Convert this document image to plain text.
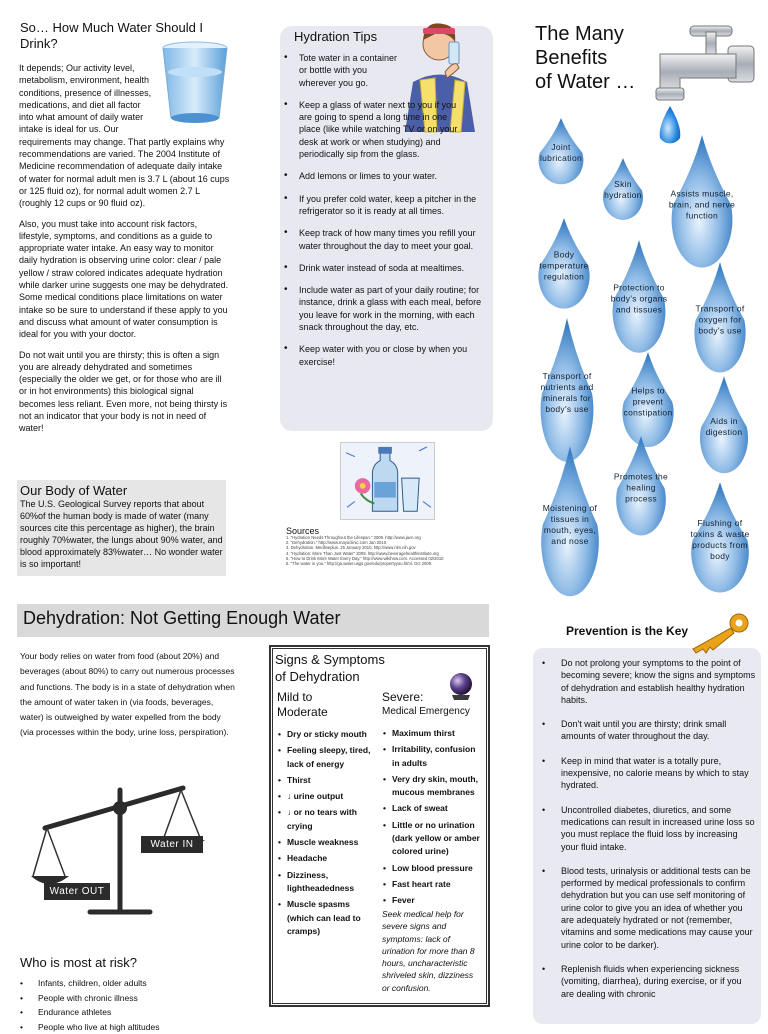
So… How Much Water Should I Drink?

It depends; Our activity level, metabolism, environment, health conditions, presence of illnesses, medications, and diet all factor into what amount of daily water intake is ideal for us. Our requirements may change. That partly explains why recommendations are varied. The 2004 Institute of Medicine recommendation of adequate daily intake of water for normal adult men is 3.7 L (about 16 cups or 125 fluid oz), for normal adult women 2.7 L (roughly 12 cups or 90 fluid oz).

Also, you must take into account risk factors, lifestyle, symptoms, and conditions as a guide to appropriate water intake. An easy way to monitor daily hydration is observing urine color: clear / pale yellow / straw colored indicates adequate hydration while darker urine suggests one may be dehydrated. Some medical conditions place limitations on water intake so be sure to understand if these apply to you and discuss what amount of water consumption is ideal for you with your doctor.

Do not wait until you are thirsty; this is often a sign you are already dehydrated and sometimes (especially the older we get, or for those who are ill or in hot environments) this biological signal becomes less reliant. Even more, not being thirsty is not an indicator that your body is not in need of water!

Our Body of Water

The U.S. Geological Survey reports that about 60%of the human body is made of water (many sources cite this percentage as higher), the brain roughly 70%water, the lungs about 90% water, and blood approximately 83%water… No wonder water is so important!

Hydration Tips
• Tote water in a container or bottle with you wherever you go.
• Keep a glass of water next to you if you are going to spend a long time in one place (like while watching TV or on your desk at work or when studying) and periodically sip from the glass.
• Add lemons or limes to your water.
• If you prefer cold water, keep a pitcher in the refrigerator so it is ready at all times.
• Keep track of how many times you refill your water throughout the day to meet your goal.
• Drink water instead of soda at mealtimes.
• Include water as part of your daily routine; for instance, drink a glass with each meal, before you leave for work in the morning, with each snack throughout the day, etc.
• Keep water with you or close by when you exercise!
Sources
1. "Hydration Needs Throughout the Lifespan." 2009. http://www.jacn.org
2. "Dehydration." http://www.mayoclinic.com Jan 2010.
3. Dehydration. Medlineplus. 25 January 2010. http://www.nlm.nih.gov
4. "Hydration: More Than Just Water" 2009. http://www.beveragehealthinstitute.org
5. "How to Drink More Water Every Day." http://www.wikihow.com. Accessed 02/2010
6. "The water in you." http://ga.water.usgs.gov/edu/propertyyou.html. Oct 2009.
The Many
Benefits
of Water …
Joint lubrication
Skin hydration	Assists muscle, brain, and nerve function
Body temperature regulation
Protection to body's organs and tissues	Transport of oxygen for body's use
Transport of nutrients and minerals for body's use
Helps to prevent constipation
Aids in digestion
Moistening of tissues in mouth, eyes, and nose
Promotes the healing process
Flushing of toxins & waste products from body
Dehydration: Not Getting Enough Water
Your body relies on water from food (about 20%) and beverages (about 80%) to carry out numerous processes and functions. The body is in a state of dehydration when the amount of water taken in (via foods, beverages, water) is outweighed by water expelled from the body (via processes within the body, urine loss, perspiration).
Water IN
Water OUT
Who is most at risk?
• Infants, children, older adults
• People with chronic illness
• Endurance athletes
• People who live at high altitudes
Signs & Symptoms
of Dehydration
Mild to
Moderate
Severe:
Medical Emergency
• Dry or sticky mouth
• Feeling sleepy, tired, lack of energy
• Thirst
• ↓ urine output
• ↓ or no tears with crying
• Muscle weakness
• Headache
• Dizziness, lightheadedness
• Muscle spasms (which can lead to cramps)
• Maximum thirst
• Irritability, confusion in adults
• Very dry skin, mouth, mucous membranes
• Lack of sweat
• Little or no urination (dark yellow or amber colored urine)
• Low blood pressure
• Fast heart rate
• Fever
Seek medical help for severe signs and symptoms: lack of urination for more than 8 hours, uncharacteristic shriveled skin, dizziness or confusion.
Prevention is the Key
• Do not prolong your symptoms to the point of becoming severe; know the signs and symptoms of dehydration and establish healthy hydration habits.
• Don't wait until you are thirsty; drink small amounts of water throughout the day.
• Keep in mind that water is a totally pure, inexpensive, no calorie means by which to stay hydrated.
• Uncontrolled diabetes, diuretics, and some medications can result in increased urine loss so you must replace the fluid loss by increasing your fluid intake.
• Blood tests, urinalysis or additional tests can be performed by medical professionals to confirm dehydration but you can use self monitoring of urine color to give you an idea of whether you are adequately hydrated or not (remember, vitamins and some medications may cause your urine color to be darker).
• Replenish fluids when experiencing sickness (vomiting, diarrhea), during exercise, or if you are dealing with chronic
